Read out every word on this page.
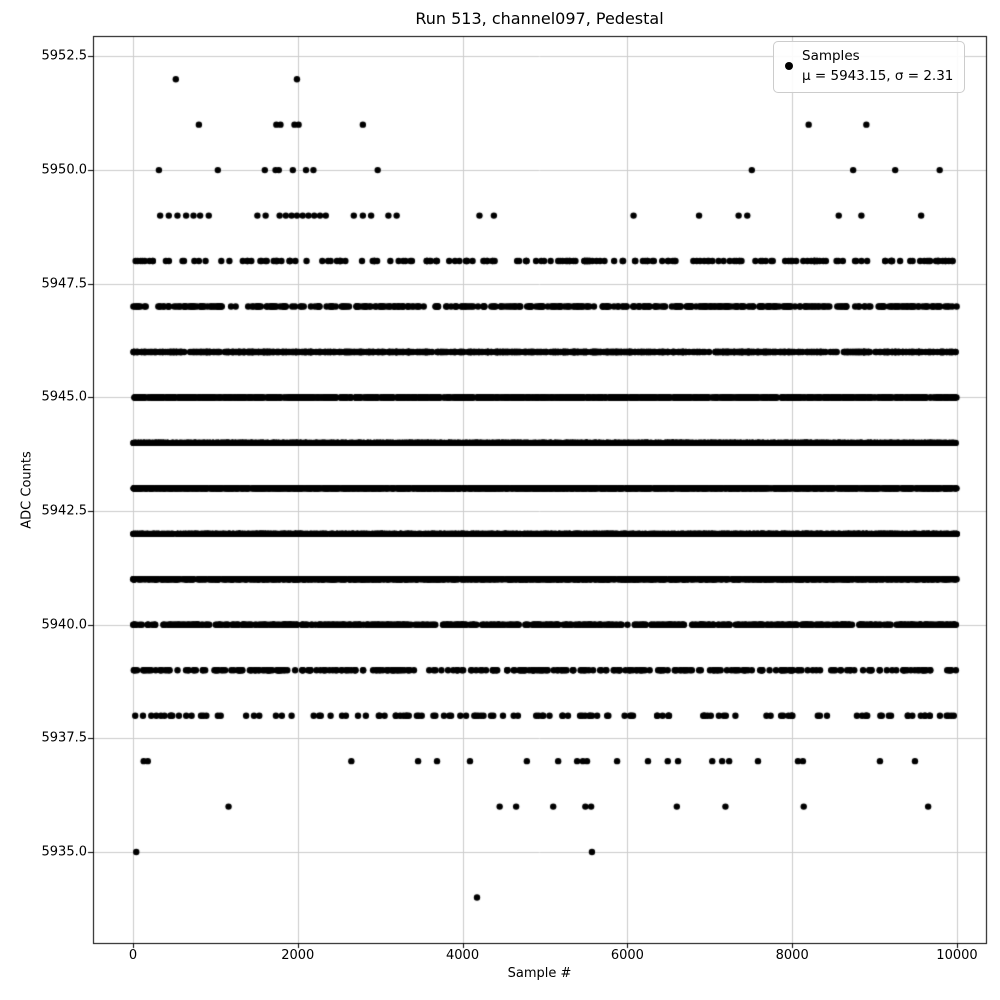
Run 513, channel097, Pedestal
Sample #
ADC Counts
0	2000	4000	6000	8000	10000
5935.0
5937.5
5940.0
5942.5
5945.0
5947.5
5950.0
5952.5	Samples
μ = 5943.15, σ = 2.31
